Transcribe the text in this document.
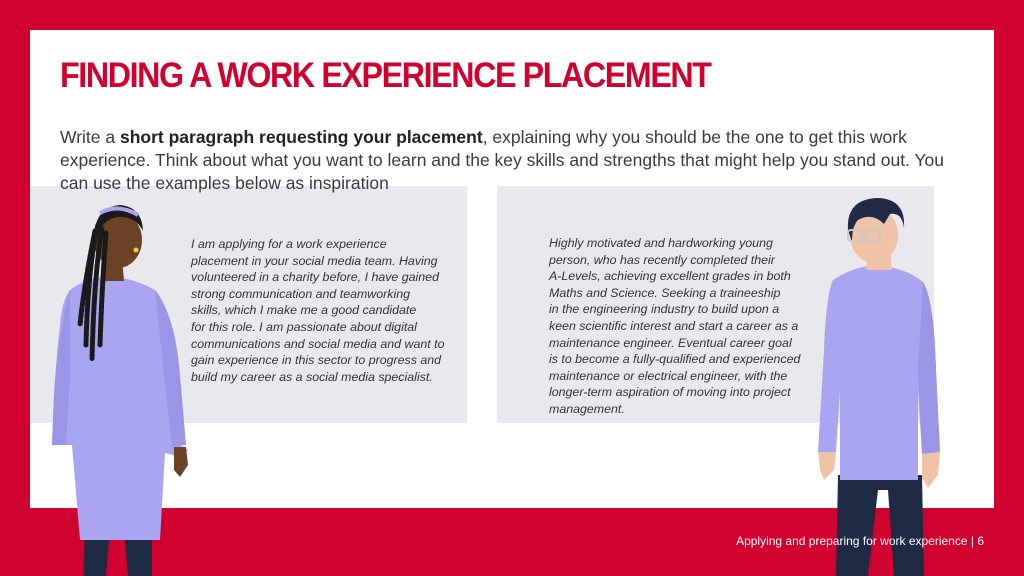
FINDING A WORK EXPERIENCE PLACEMENT

Write a short paragraph requesting your placement, explaining why you should be the one to get this work experience. Think about what you want to learn and the key skills and strengths that might help you stand out. You can use the examples below as inspiration

I am applying for a work experience
placement in your social media team. Having
volunteered in a charity before, I have gained
strong communication and teamworking
skills, which I make me a good candidate
for this role. I am passionate about digital
communications and social media and want to
gain experience in this sector to progress and
build my career as a social media specialist.

Highly motivated and hardworking young
person, who has recently completed their
A-Levels, achieving excellent grades in both
Maths and Science. Seeking a traineeship
in the engineering industry to build upon a
keen scientific interest and start a career as a
maintenance engineer. Eventual career goal
is to become a fully-qualified and experienced
maintenance or electrical engineer, with the
longer-term aspiration of moving into project
management.

Applying and preparing for work experience | 6
